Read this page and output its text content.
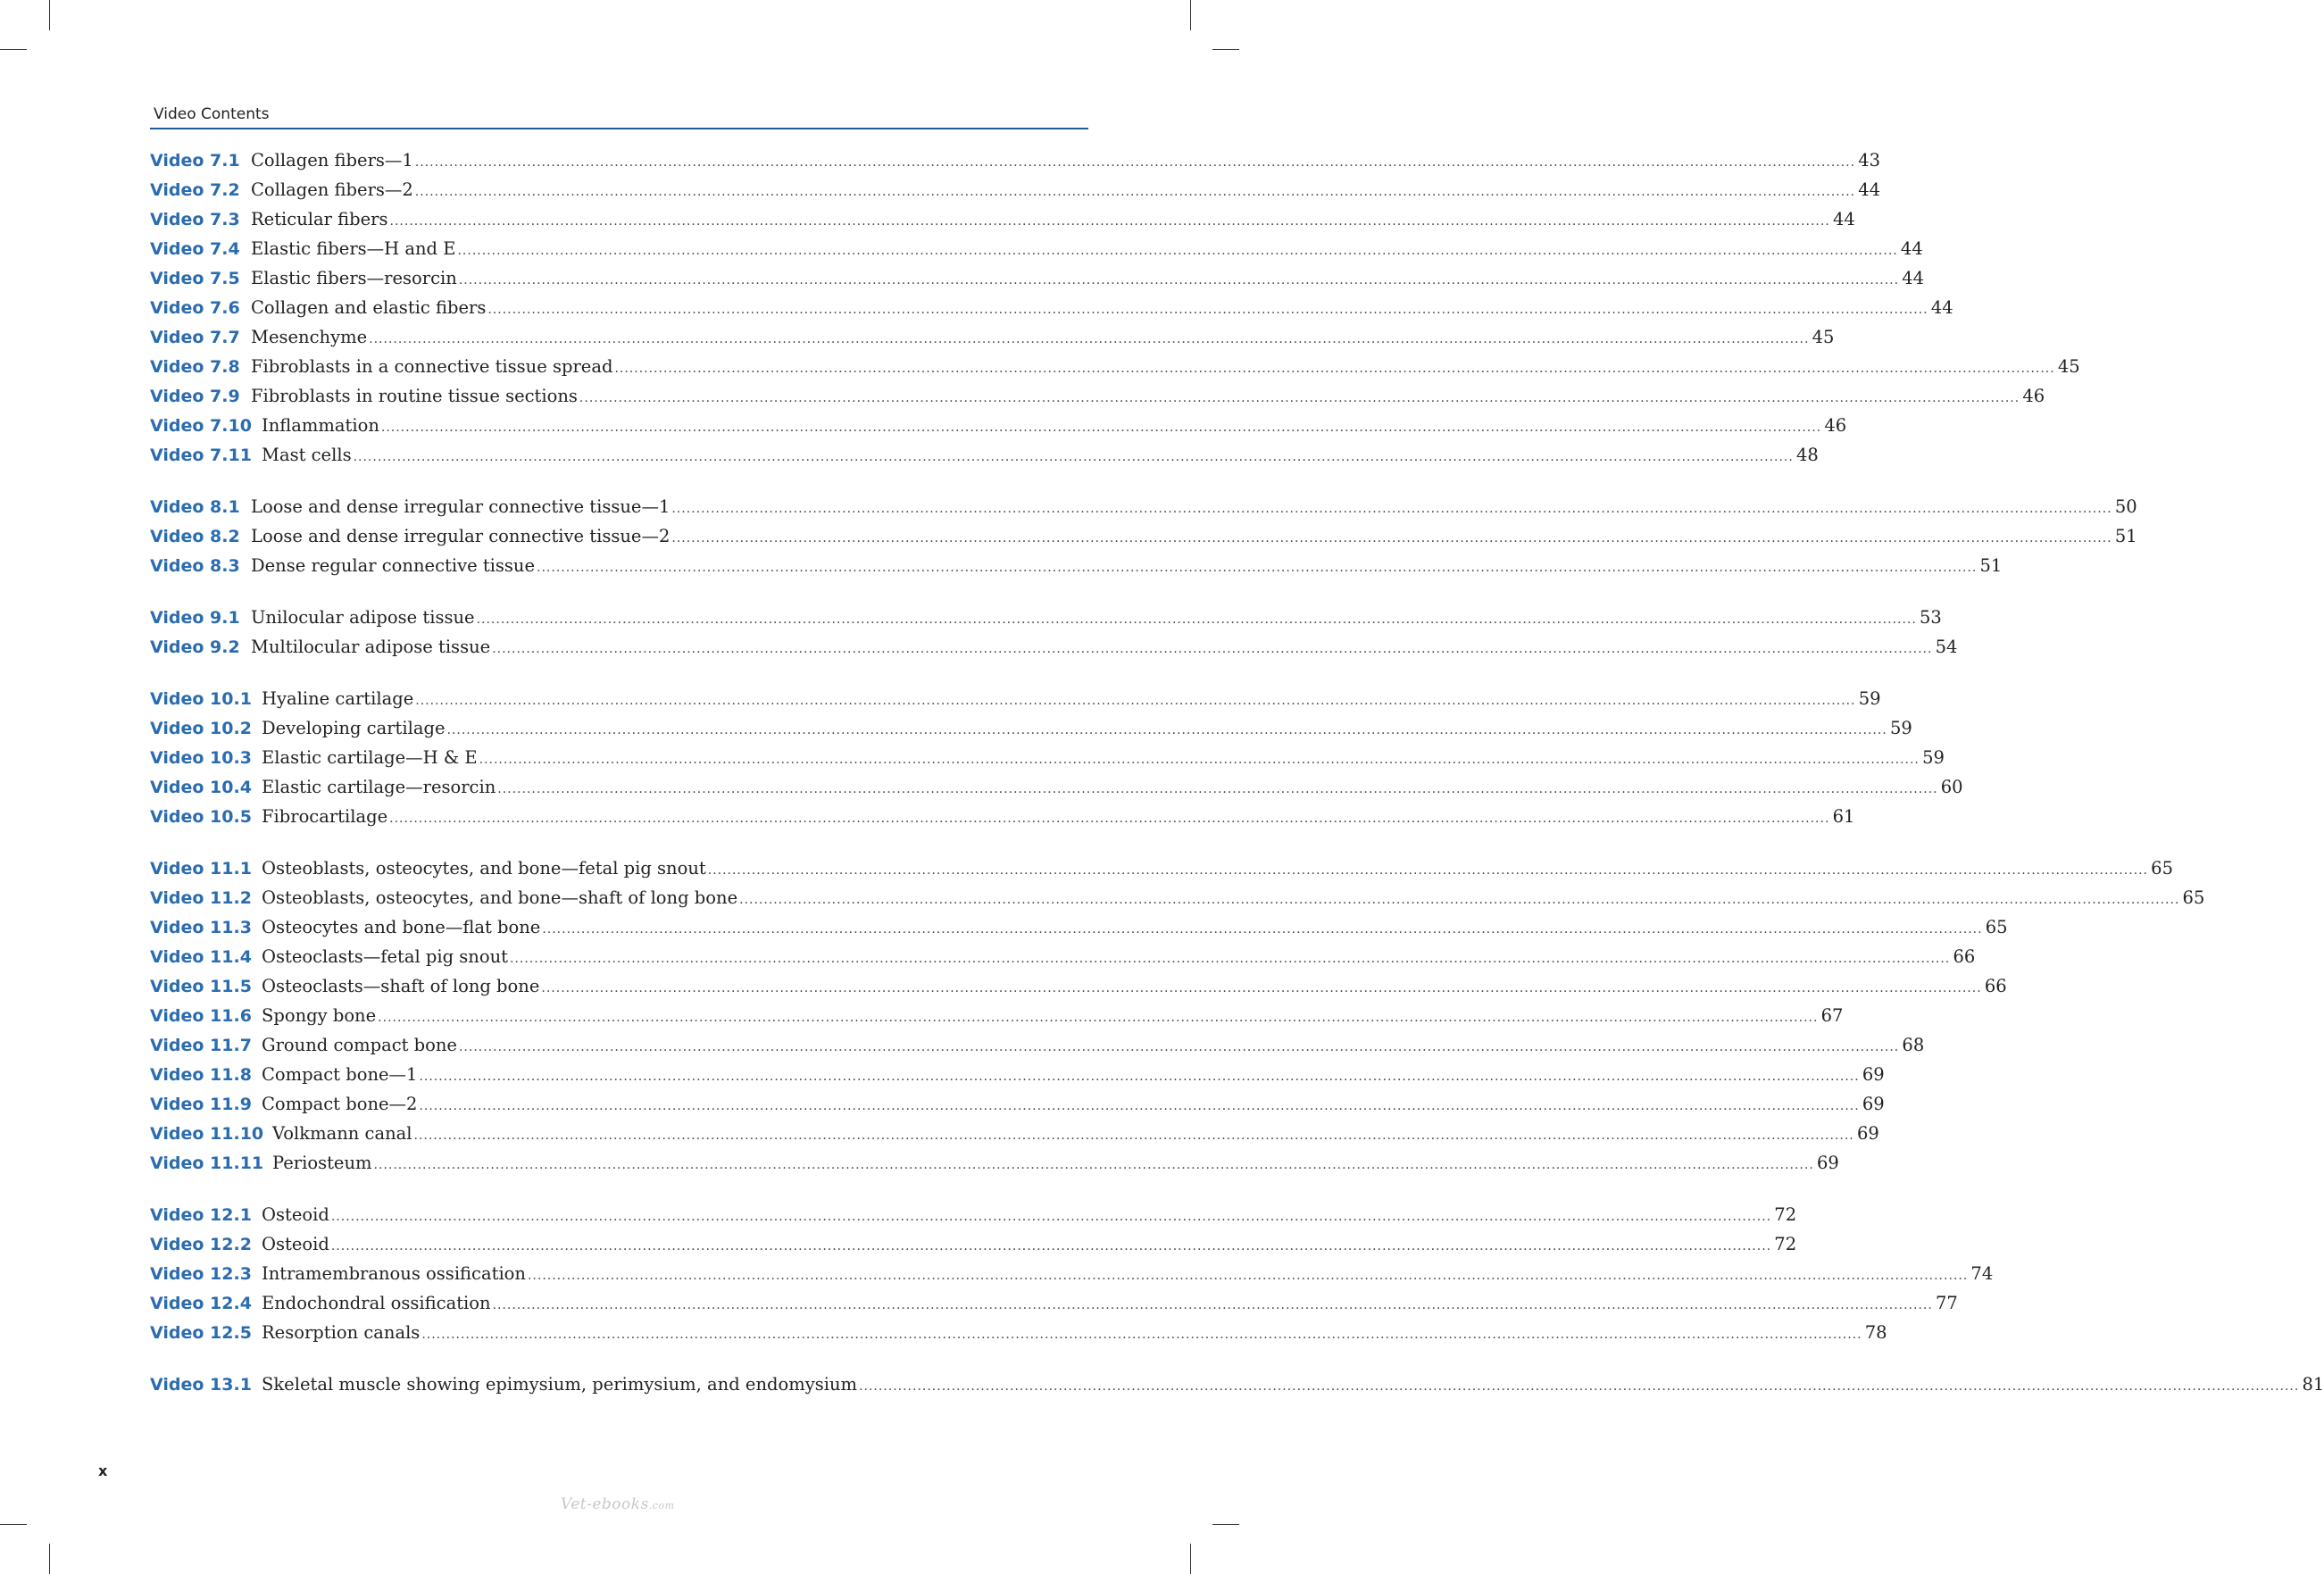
Video Contents
Video 7.1 Collagen fibers—1 .....	43
Video 7.2 Collagen fibers—2 .....	44
Video 7.3 Reticular fibers .....	44
Video 7.4 Elastic fibers—H and E .....	44
Video 7.5 Elastic fibers—resorcin .....	44
Video 7.6 Collagen and elastic fibers .....	44
Video 7.7 Mesenchyme .....	45
Video 7.8 Fibroblasts in a connective tissue spread .....	45
Video 7.9 Fibroblasts in routine tissue sections .....	46
Video 7.10 Inflammation .....	46
Video 7.11 Mast cells .....	48
Video 8.1 Loose and dense irregular connective tissue—1 .....	50
Video 8.2 Loose and dense irregular connective tissue—2 .....	51
Video 8.3 Dense regular connective tissue .....	51
Video 9.1 Unilocular adipose tissue .....	53
Video 9.2 Multilocular adipose tissue .....	54
Video 10.1 Hyaline cartilage .....	59
Video 10.2 Developing cartilage .....	59
Video 10.3 Elastic cartilage—H & E .....	59
Video 10.4 Elastic cartilage—resorcin .....	60
Video 10.5 Fibrocartilage .....	61
Video 11.1 Osteoblasts, osteocytes, and bone—fetal pig snout .....	65
Video 11.2 Osteoblasts, osteocytes, and bone—shaft of long bone .....	65
Video 11.3 Osteocytes and bone—flat bone .....	65
Video 11.4 Osteoclasts—fetal pig snout .....	66
Video 11.5 Osteoclasts—shaft of long bone .....	66
Video 11.6 Spongy bone .....	67
Video 11.7 Ground compact bone .....	68
Video 11.8 Compact bone—1 .....	69
Video 11.9 Compact bone—2 .....	69
Video 11.10 Volkmann canal .....	69
Video 11.11 Periosteum .....	69
Video 12.1 Osteoid .....	72
Video 12.2 Osteoid .....	72
Video 12.3 Intramembranous ossification .....	74
Video 12.4 Endochondral ossification .....	77
Video 12.5 Resorption canals .....	78
Video 13.1 Skeletal muscle showing epimysium, perimysium, and endomysium .....	81
x
Vet-ebooks.com
